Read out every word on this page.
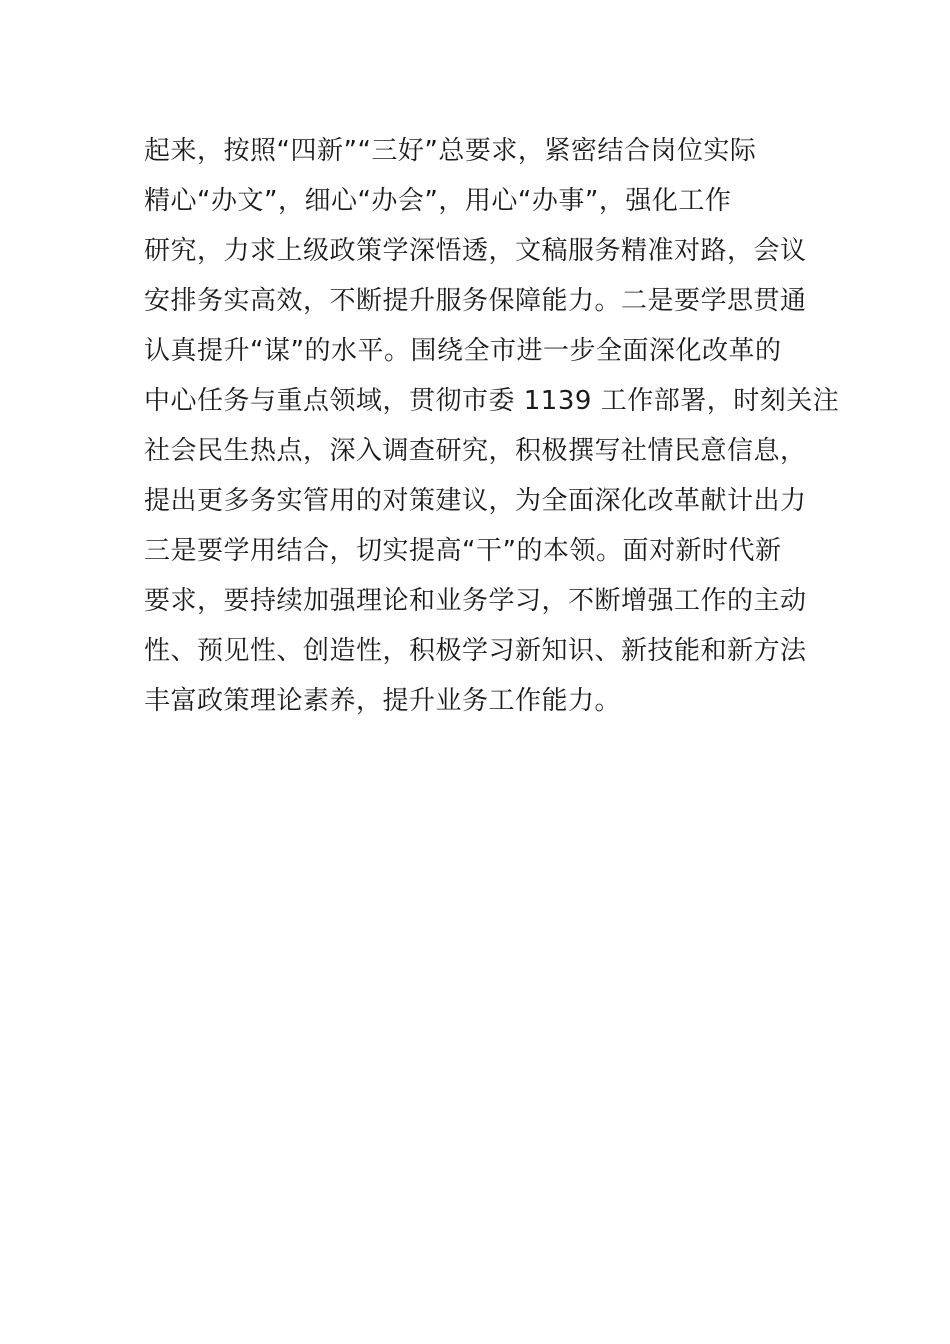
起来，按照“四新”“三好”总要求，紧密结合岗位实际
精心“办文”，细心“办会”，用心“办事”，强化工作
研究，力求上级政策学深悟透，文稿服务精准对路，会议
安排务实高效，不断提升服务保障能力。二是要学思贯通
认真提升“谋”的水平。围绕全市进一步全面深化改革的
中心任务与重点领域，贯彻市委 1139 工作部署，时刻关注
社会民生热点，深入调查研究，积极撰写社情民意信息，
提出更多务实管用的对策建议，为全面深化改革献计出力
三是要学用结合，切实提高“干”的本领。面对新时代新
要求，要持续加强理论和业务学习，不断增强工作的主动
性、预见性、创造性，积极学习新知识、新技能和新方法
丰富政策理论素养，提升业务工作能力。
